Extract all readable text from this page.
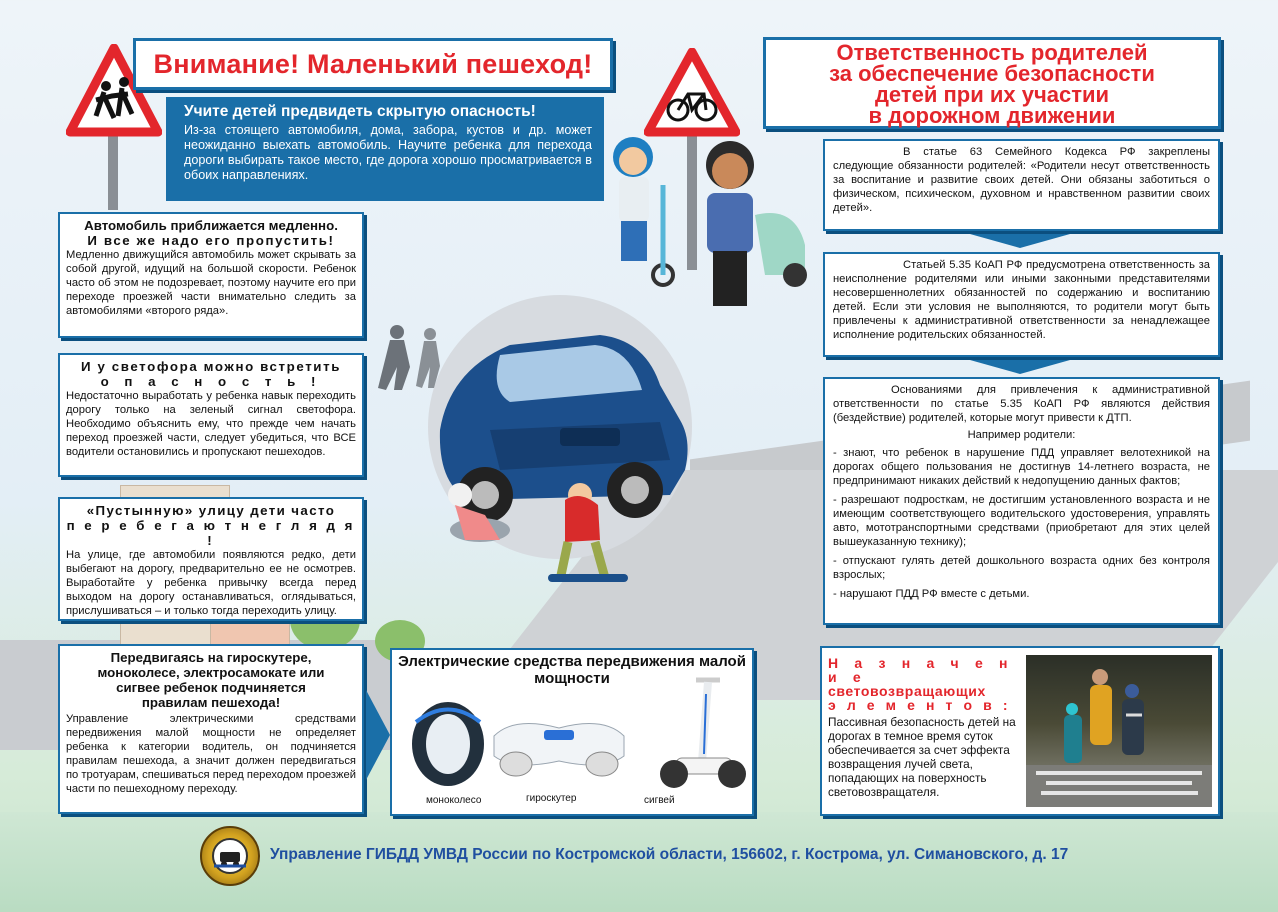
Внимание! Маленький пешеход!	Ответственность родителей
за обеспечение безопасности
детей при их участии
в дорожном движении
Учите детей предвидеть скрытую опасность!
Из-за стоящего автомобиля, дома, забора, кустов и др. может неожиданно выехать автомобиль. Научите ребенка для перехода дороги выбирать такое место, где дорога хорошо просматривается в обоих направлениях.
Автомобиль приближается медленно.
И все же надо его пропустить!
Медленно движущийся автомобиль может скрывать за собой другой, идущий на большой скорости. Ребенок часто об этом не подозревает, поэтому научите его при переходе проезжей части внимательно следить за автомобилями «второго ряда».
И у светофора можно встретить
о п а с н о с т ь !
Недостаточно выработать у ребенка навык переходить дорогу только на зеленый сигнал светофора. Необходимо объяснить ему, что прежде чем начать переход проезжей части, следует убедиться, что ВСЕ водители остановились и пропускают пешеходов.
«Пустынную» улицу дети часто
п е р е б е г а ю т н е г л я д я !
На улице, где автомобили появляются редко, дети выбегают на дорогу, предварительно ее не осмотрев. Выработайте у ребенка привычку всегда перед выходом на дорогу останавливаться, оглядываться, прислушиваться – и только тогда переходить улицу.
Передвигаясь на гироскутере, моноколесе, электросамокате или сигвее ребенок подчиняется правилам пешехода!
Управление электрическими средствами передвижения малой мощности не определяет ребенка к категории водитель, он подчиняется правилам пешехода, а значит должен передвигаться по тротуарам, спешиваться перед переходом проезжей части по пешеходному переходу.
Электрические средства передвижения малой мощности
моноколесо	гироскутер	сигвей
В статье 63 Семейного Кодекса РФ закреплены следующие обязанности родителей: «Родители несут ответственность за воспитание и развитие своих детей. Они обязаны заботиться о физическом, психическом, духовном и нравственном развитии своих детей».
Статьей 5.35 КоАП РФ предусмотрена ответственность за неисполнение родителями или иными законными представителями несовершеннолетних обязанностей по содержанию и воспитанию детей. Если эти условия не выполняются, то родители могут быть привлечены к административной ответственности за ненадлежащее исполнение родительских обязанностей.
Основаниями для привлечения к административной ответственности по статье 5.35 КоАП РФ являются действия (бездействие) родителей, которые могут привести к ДТП.
Например родители:
- знают, что ребенок в нарушение ПДД управляет велотехникой на дорогах общего пользования не достигнув 14-летнего возраста, не предпринимают никаких действий к недопущению данных фактов;
- разрешают подросткам, не достигшим установленного возраста и не имеющим соответствующего водительского удостоверения, управлять авто, мототранспортными средствами (приобретают для этих целей вышеуказанную технику);
- отпускают гулять детей дошкольного возраста одних без контроля взрослых;
- нарушают ПДД РФ вместе с детьми.
Н а з н а ч е н и е
световозвращающих
э л е м е н т о в :
Пассивная безопасность детей на дорогах в темное время суток обеспечивается за счет эффекта возвращения лучей света, попадающих на поверхность световозвращателя.
Управление ГИБДД УМВД России по Костромской области, 156602, г. Кострома, ул. Симановского, д. 17
